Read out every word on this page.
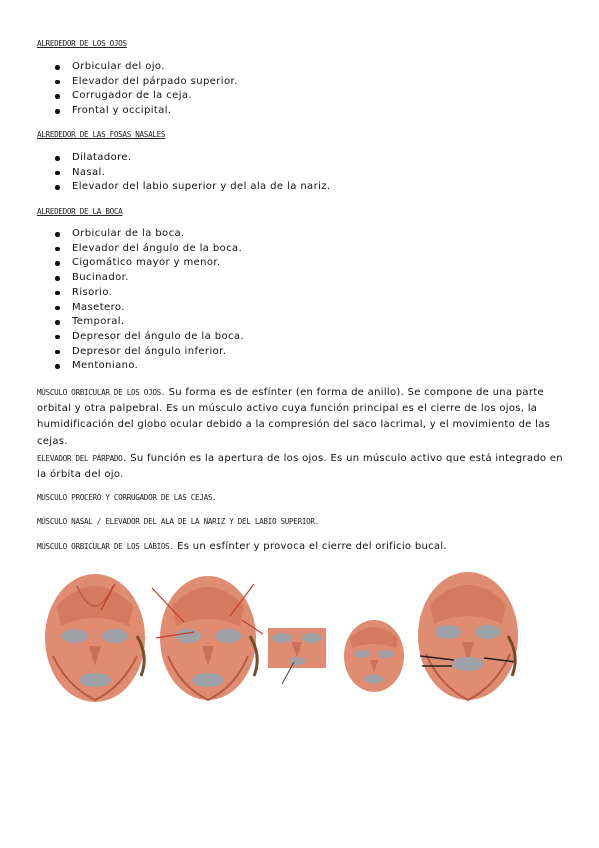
ALREDEDOR DE LOS OJOS
Orbicular del ojo.
Elevador del párpado superior.
Corrugador de la ceja.
Frontal y occipital.
ALREDEDOR DE LAS FOSAS NASALES
Dilatadore.
Nasal.
Elevador del labio superior y del ala de la nariz.
ALREDEDOR DE LA BOCA
Orbicular de la boca.
Elevador del ángulo de la boca.
Cigomático mayor y menor.
Bucinador.
Risorio.
Masetero.
Temporal.
Depresor del ángulo de la boca.
Depresor del ángulo inferior.
Mentoniano.
MÚSCULO ORBICULAR DE LOS OJOS. Su forma es de esfínter (en forma de anillo). Se compone de una parte orbital y otra palpebral. Es un músculo activo cuya función principal es el cierre de los ojos, la humidificación del globo ocular debido a la compresión del saco lacrimal, y el movimiento de las cejas.
ELEVADOR DEL PÁRPADO. Su función es la apertura de los ojos. Es un músculo activo que está integrado en la órbita del ojo.
MUSCULO PROCERO Y CORRUGADOR DE LAS CEJAS.
MÚSCULO NASAL / ELEVADOR DEL ALA DE LA NARIZ Y DEL LABIO SUPERIOR.
MÚSCULO ORBICULAR DE LOS LABIOS. Es un esfínter y provoca el cierre del orificio bucal.
